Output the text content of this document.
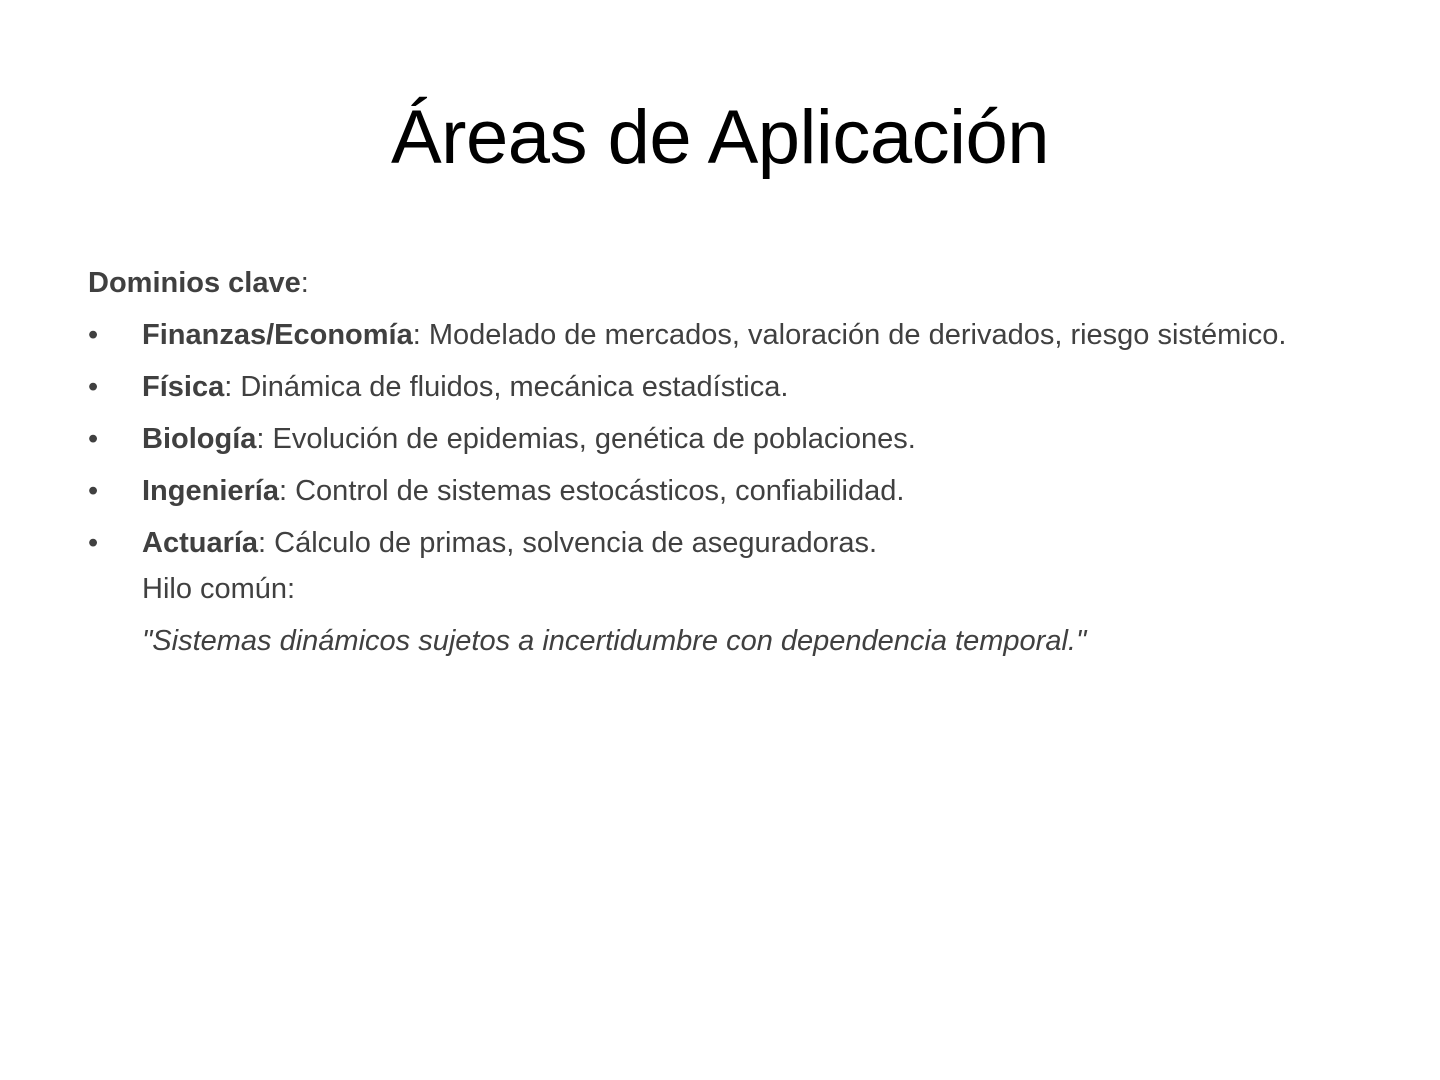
Áreas de Aplicación
Dominios clave:
•	Finanzas/Economía: Modelado de mercados, valoración de derivados, riesgo sistémico.
•	Física: Dinámica de fluidos, mecánica estadística.
•	Biología: Evolución de epidemias, genética de poblaciones.
•	Ingeniería: Control de sistemas estocásticos, confiabilidad.
•	Actuaría: Cálculo de primas, solvencia de aseguradoras.
Hilo común:
"Sistemas dinámicos sujetos a incertidumbre con dependencia temporal."
